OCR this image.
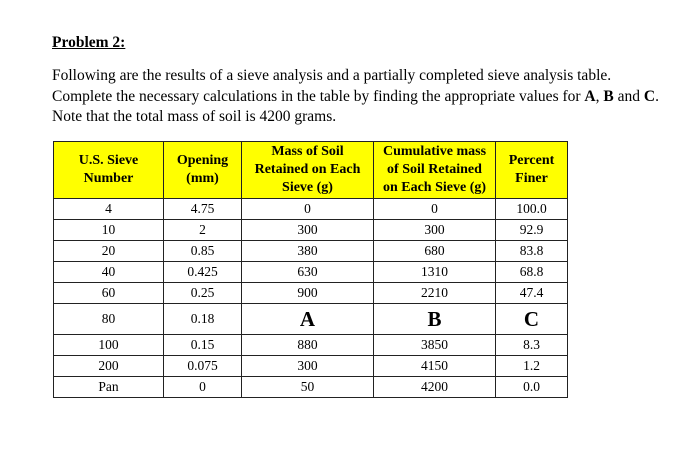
Problem 2:
Following are the results of a sieve analysis and a partially completed sieve analysis table. Complete the necessary calculations in the table by finding the appropriate values for A, B and C. Note that the total mass of soil is 4200 grams.
U.S. Sieve Number	Opening (mm)	Mass of Soil Retained on Each Sieve (g)	Cumulative mass of Soil Retained on Each Sieve (g)	Percent Finer
4	4.75	0	0	100.0
10	2	300	300	92.9
20	0.85	380	680	83.8
40	0.425	630	1310	68.8
60	0.25	900	2210	47.4
80	0.18	A	B	C
100	0.15	880	3850	8.3
200	0.075	300	4150	1.2
Pan	0	50	4200	0.0
